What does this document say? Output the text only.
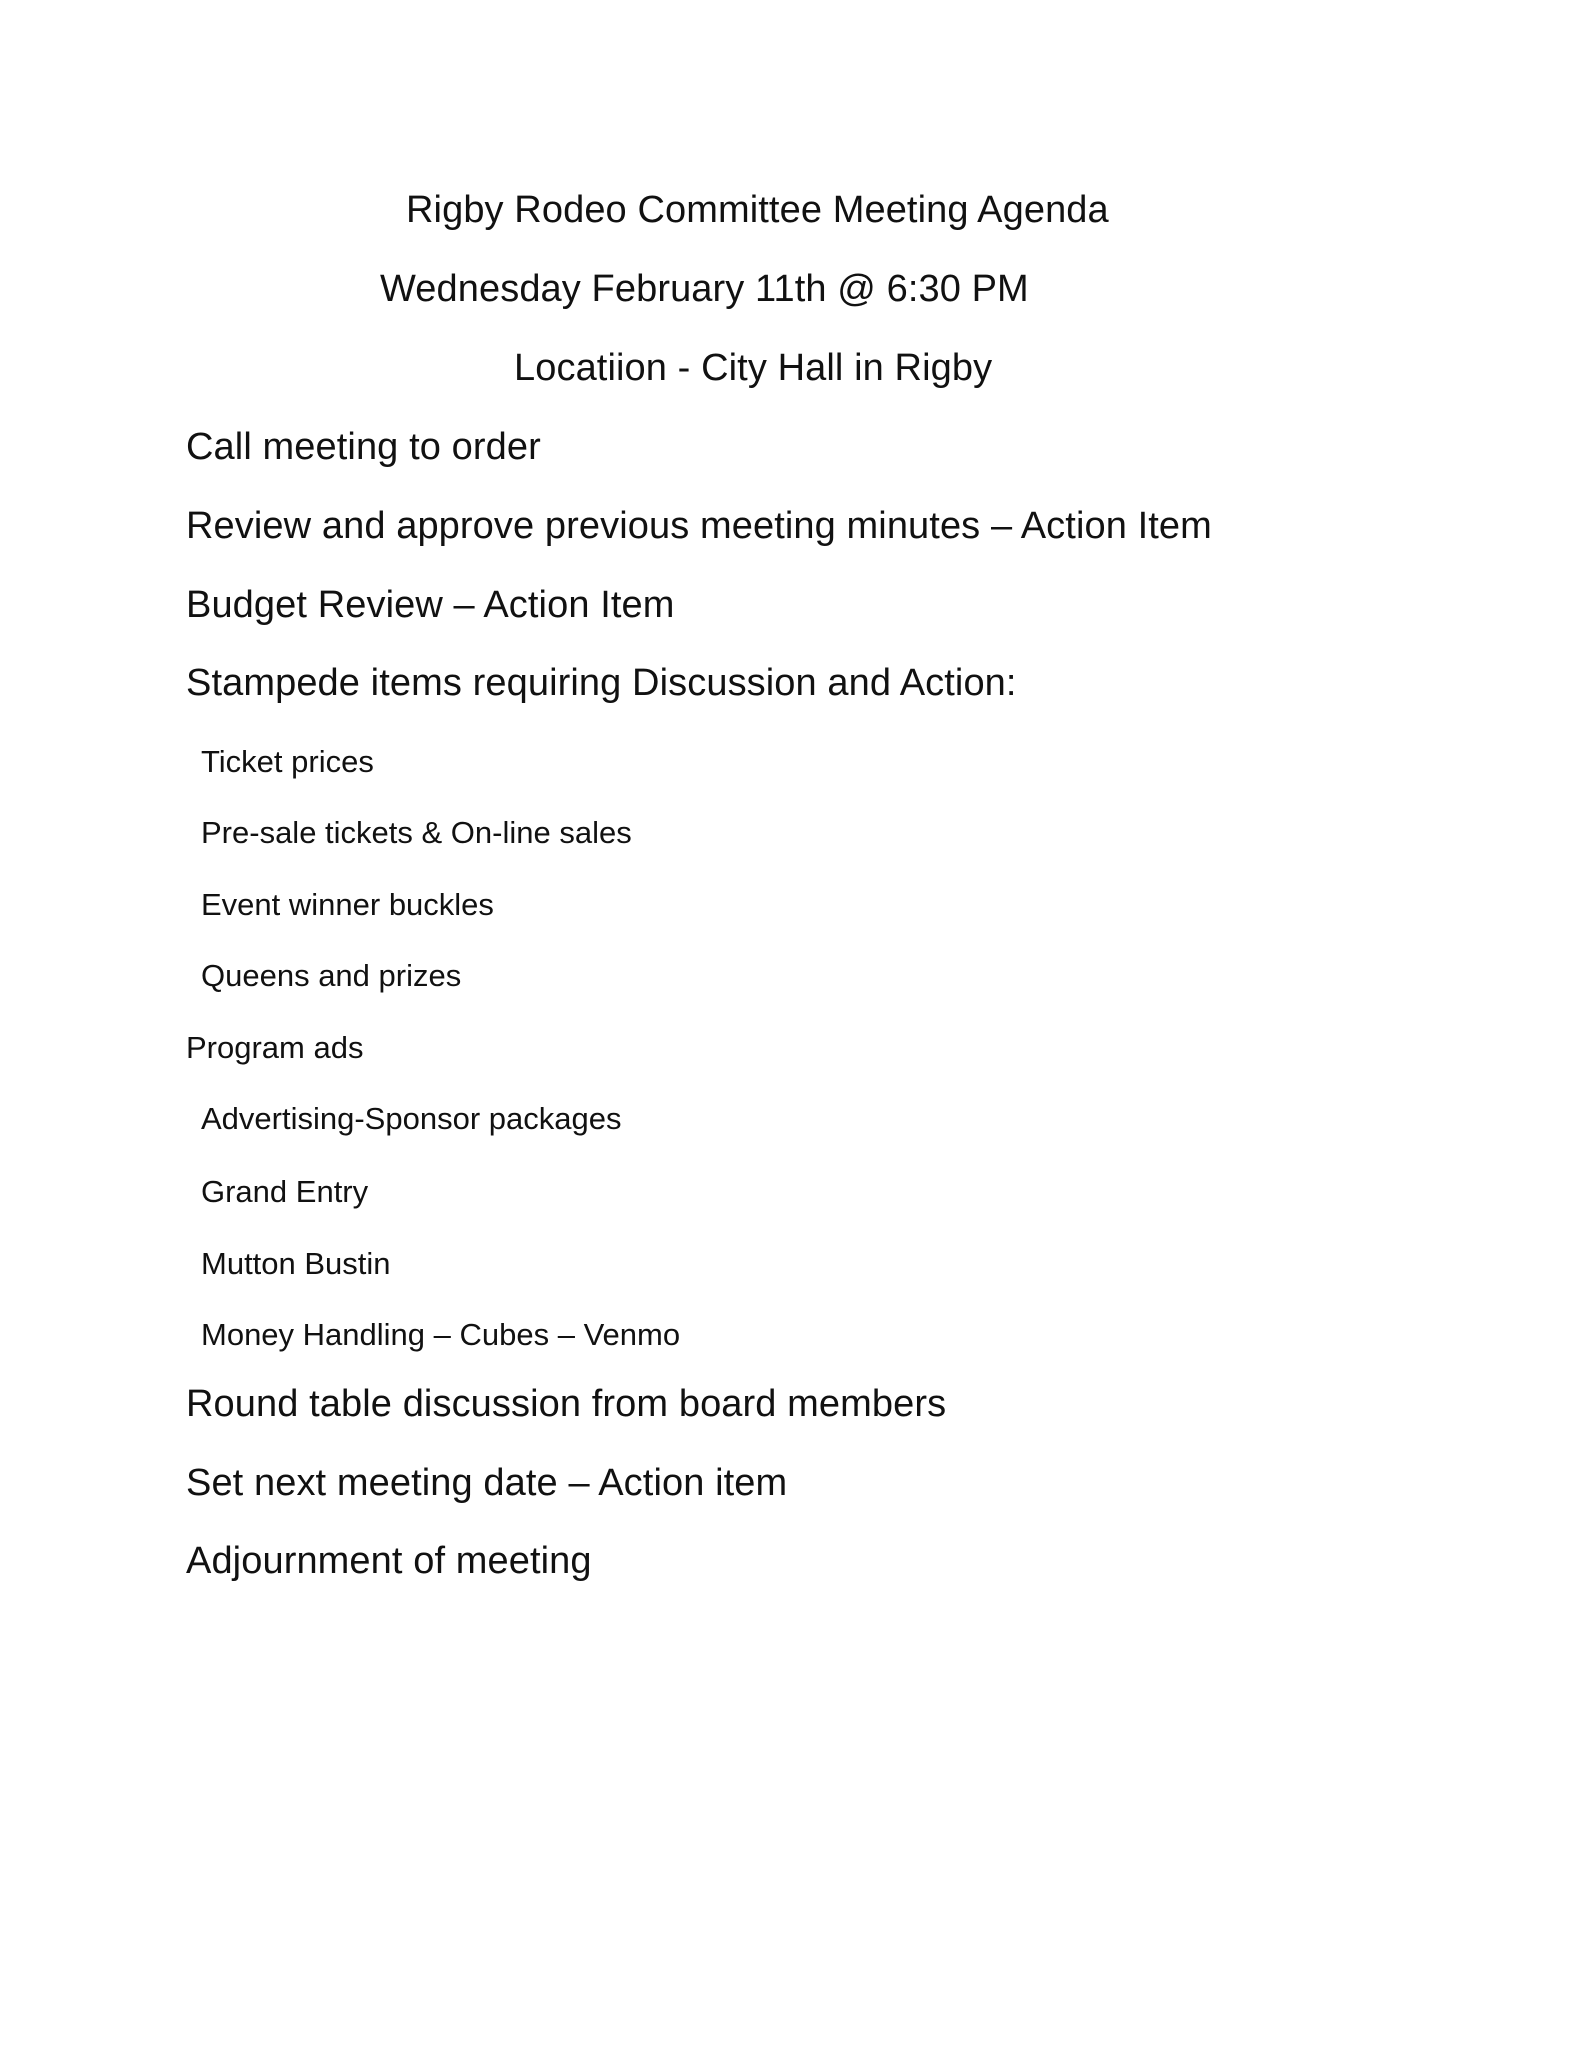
Rigby Rodeo Committee Meeting Agenda
Wednesday February 11th @ 6:30 PM
Locatiion - City Hall in Rigby
Call meeting to order
Review and approve previous meeting minutes – Action Item
Budget Review – Action Item
Stampede items requiring Discussion and Action:
Ticket prices
Pre-sale tickets & On-line sales
Event winner buckles
Queens and prizes
Program ads
Advertising-Sponsor packages
Grand Entry
Mutton Bustin
Money Handling – Cubes – Venmo
Round table discussion from board members
Set next meeting date – Action item
Adjournment of meeting
